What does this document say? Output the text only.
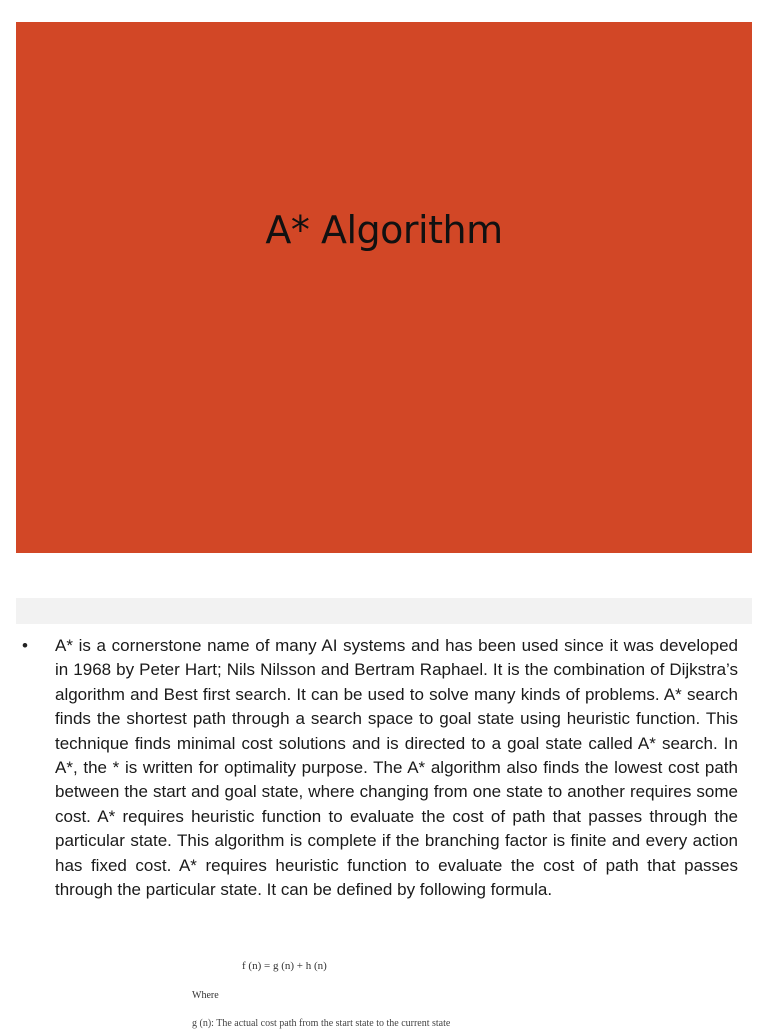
A* Algorithm
• A* is a cornerstone name of many AI systems and has been used since it was developed in 1968 by Peter Hart; Nils Nilsson and Bertram Raphael. It is the combination of Dijkstra’s algorithm and Best first search. It can be used to solve many kinds of problems. A* search finds the shortest path through a search space to goal state using heuristic function. This technique finds minimal cost solutions and is directed to a goal state called A* search. In A*, the * is written for optimality purpose. The A* algorithm also finds the lowest cost path between the start and goal state, where changing from one state to another requires some cost. A* requires heuristic function to evaluate the cost of path that passes through the particular state. This algorithm is complete if the branching factor is finite and every action has fixed cost. A* requires heuristic function to evaluate the cost of path that passes through the particular state. It can be defined by following formula.

f (n) = g (n) + h (n)
Where
g (n): The actual cost path from the start state to the current state
